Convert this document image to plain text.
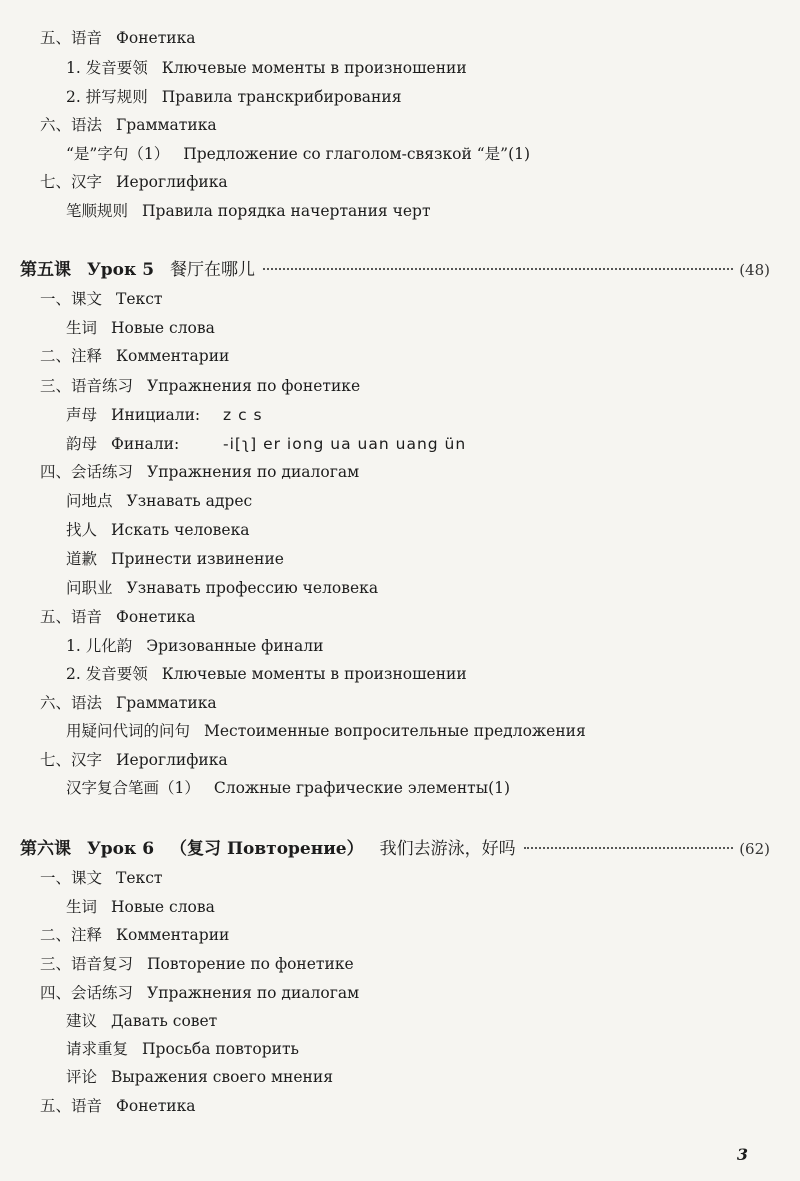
五、语音 Фонетика
1. 发音要领 Ключевые моменты в произношении
2. 拼写规则 Правила транскрибирования
六、语法 Грамматика
“是”字句（1） Предложение со глаголом-связкой “是”(1)
七、汉字 Иероглифика
笔顺规则 Правила порядка начертания черт
第五课 Урок 5 餐厅在哪儿	(48)
一、课文 Текст
生词 Новые слова
二、注释 Комментарии
三、语音练习 Упражнения по фонетике
声母 Инициали: z c s
韵母 Финали:	-i[ʅ] er iong ua uan uang ün
四、会话练习 Упражнения по диалогам
问地点 Узнавать адрес
找人 Искать человека
道歉 Принести извинение
问职业 Узнавать профессию человека
五、语音 Фонетика
1. 儿化韵 Эризованные финали
2. 发音要领 Ключевые моменты в произношении
六、语法 Грамматика
用疑问代词的问句 Местоименные вопросительные предложения
七、汉字 Иероглифика
汉字复合笔画（1） Сложные графические элементы(1)
第六课 Урок 6 （复习 Повторение） 我们去游泳，好吗	(62)
一、课文 Текст
生词 Новые слова
二、注释 Комментарии
三、语音复习 Повторение по фонетике
四、会话练习 Упражнения по диалогам
建议 Давать совет
请求重复 Просьба повторить
评论 Выражения своего мнения
五、语音 Фонетика
3
